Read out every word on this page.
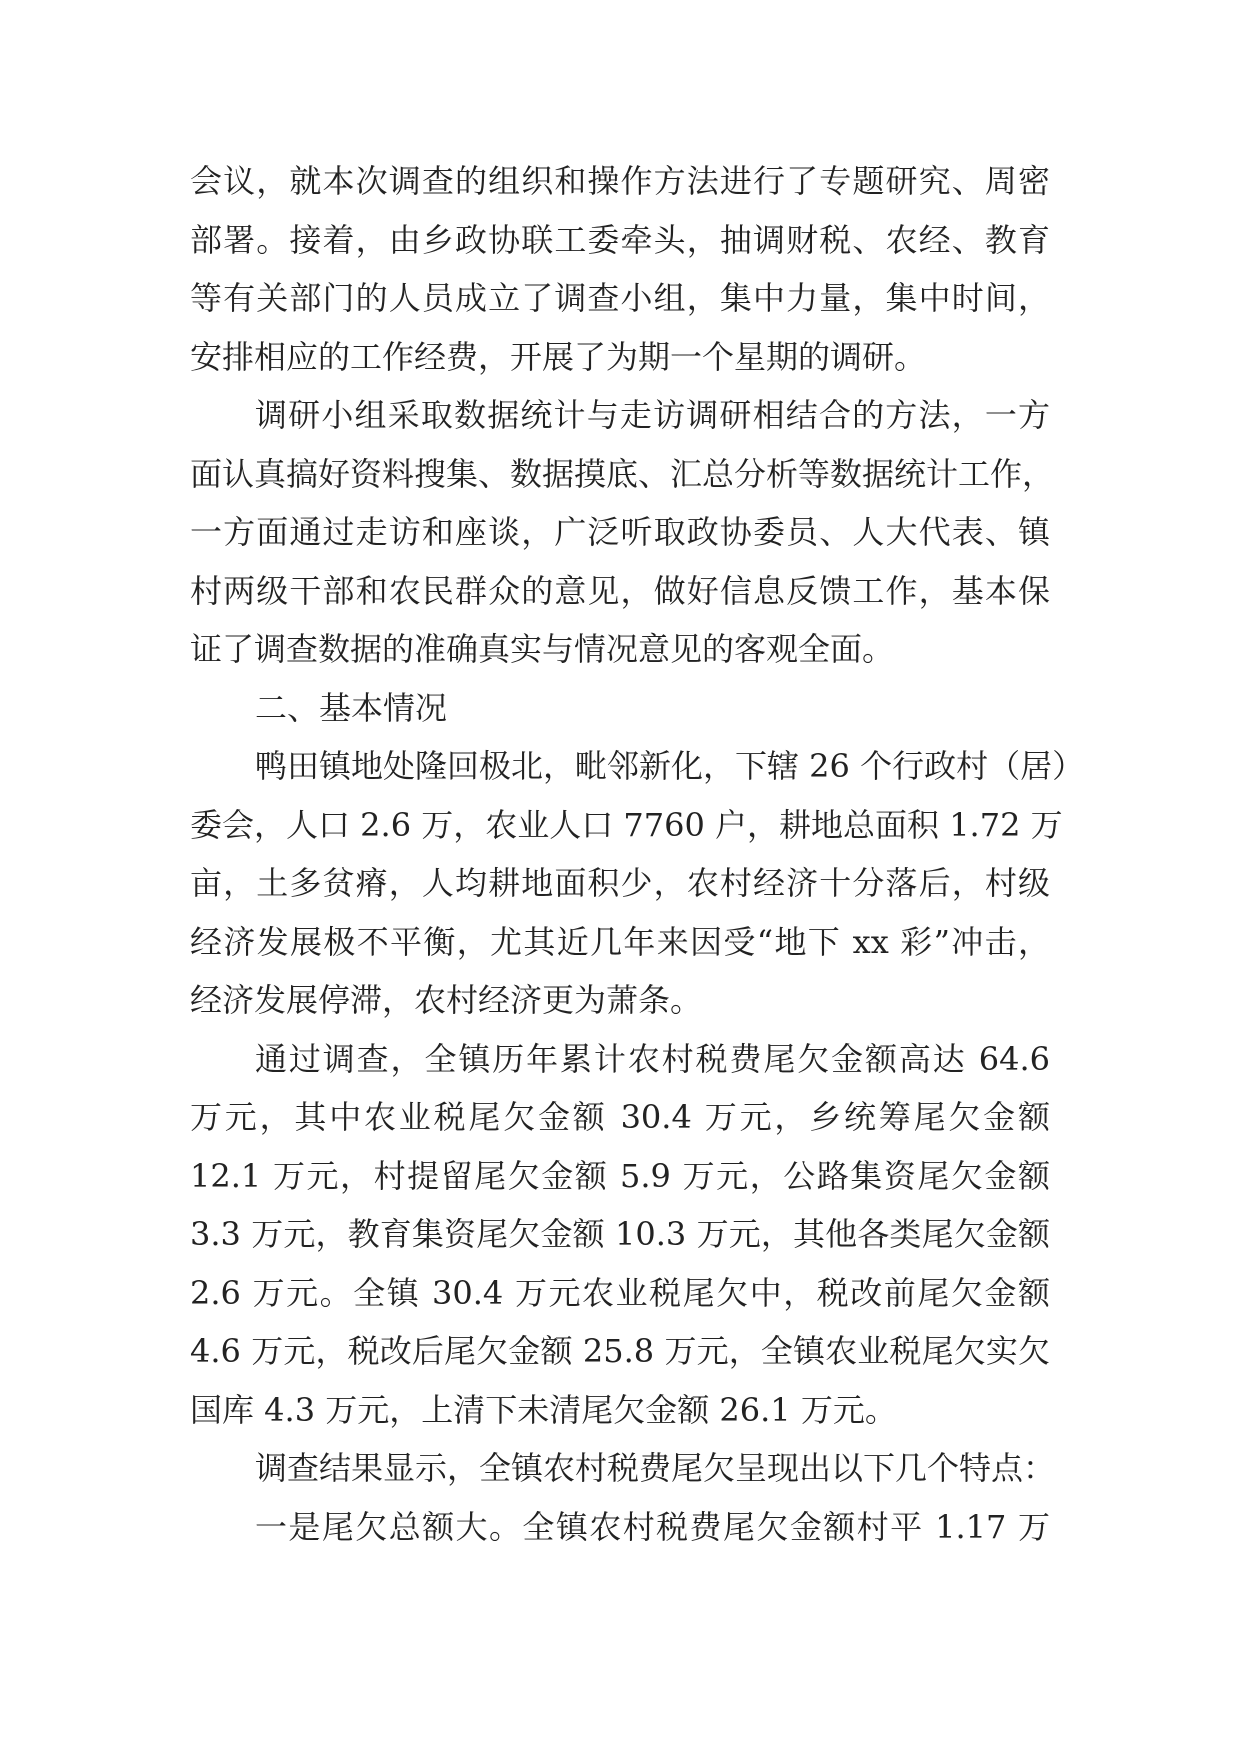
会议，就本次调查的组织和操作方法进行了专题研究、周密
部署。接着，由乡政协联工委牵头，抽调财税、农经、教育
等有关部门的人员成立了调查小组，集中力量，集中时间，
安排相应的工作经费，开展了为期一个星期的调研。
调研小组采取数据统计与走访调研相结合的方法，一方
面认真搞好资料搜集、数据摸底、汇总分析等数据统计工作，
一方面通过走访和座谈，广泛听取政协委员、人大代表、镇
村两级干部和农民群众的意见，做好信息反馈工作，基本保
证了调查数据的准确真实与情况意见的客观全面。
二、基本情况
鸭田镇地处隆回极北，毗邻新化，下辖 26 个行政村（居）
委会，人口 2.6 万，农业人口 7760 户，耕地总面积 1.72 万
亩，土多贫瘠，人均耕地面积少，农村经济十分落后，村级
经济发展极不平衡，尤其近几年来因受“地下 xx 彩”冲击，
经济发展停滞，农村经济更为萧条。
通过调查，全镇历年累计农村税费尾欠金额高达 64.6
万元，其中农业税尾欠金额 30.4 万元，乡统筹尾欠金额
12.1 万元，村提留尾欠金额 5.9 万元，公路集资尾欠金额
3.3 万元，教育集资尾欠金额 10.3 万元，其他各类尾欠金额
2.6 万元。全镇 30.4 万元农业税尾欠中，税改前尾欠金额
4.6 万元，税改后尾欠金额 25.8 万元，全镇农业税尾欠实欠
国库 4.3 万元，上清下未清尾欠金额 26.1 万元。
调查结果显示，全镇农村税费尾欠呈现出以下几个特点：
一是尾欠总额大。全镇农村税费尾欠金额村平 1.17 万
